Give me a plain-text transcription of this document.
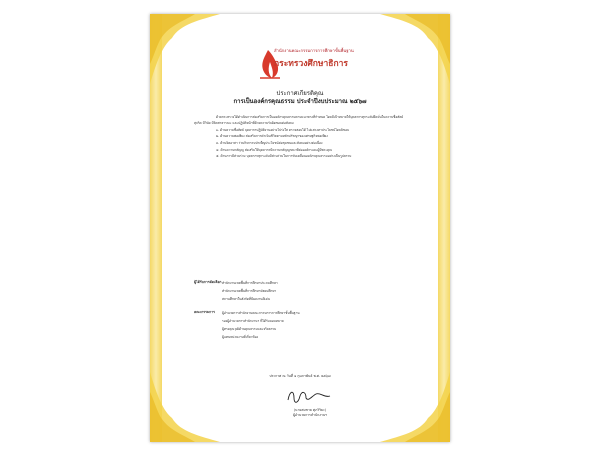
สำนักงานคณะกรรมการการศึกษาขั้นพื้นฐาน
กระทรวงศึกษาธิการ
ประกาศเกียรติคุณ
การเป็นองค์กรคุณธรรม ประจำปีงบประมาณ ๒๕๖๗

ด้วยกระทรวงได้ดำเนินการส่งเสริมการเป็นองค์กรคุณธรรมตามแนวทางที่กำหนด โดยมีเป้าหมายให้บุคลากรทุกระดับยึดมั่นในความซื่อสัตย์สุจริต มีวินัย มีจิตสาธารณะ และปฏิบัติหน้าที่ด้วยความรับผิดชอบต่อสังคม

๑. ด้านความซื่อสัตย์ บุคลากรปฏิบัติงานอย่างโปร่งใส ตรวจสอบได้ ไม่แสวงหาประโยชน์โดยมิชอบ

๒. ด้านความพอเพียง ส่งเสริมการดำเนินชีวิตตามหลักปรัชญาของเศรษฐกิจพอเพียง

๓. ด้านจิตอาสา ร่วมกิจกรรมบำเพ็ญประโยชน์ต่อชุมชนและสังคมอย่างต่อเนื่อง

๔. ด้านความกตัญญู ส่งเสริมให้บุคลากรมีความกตัญญูกตเวทีต่อองค์กรและผู้มีพระคุณ

๕. ด้านการมีส่วนร่วม บุคลากรทุกระดับมีส่วนร่วมในการขับเคลื่อนองค์กรคุณธรรมอย่างเป็นรูปธรรม

ผู้ได้รับการคัดเลือก สำนักงานเขตพื้นที่การศึกษาประถมศึกษา
สำนักงานเขตพื้นที่การศึกษามัธยมศึกษา
สถานศึกษาในสังกัดที่มีผลงานดีเด่น
คณะกรรมการ ผู้อำนวยการสำนักงานคณะกรรมการการศึกษาขั้นพื้นฐาน
รองผู้อำนวยการสำนักงานฯ ที่ได้รับมอบหมาย
ผู้ทรงคุณวุฒิด้านคุณธรรมและจริยธรรม
ผู้แทนหน่วยงานที่เกี่ยวข้อง
ประกาศ ณ วันที่ ๑ กุมภาพันธ์ พ.ศ. ๒๕๖๗
(นายสมชาย ศุภวิริยะ)
ผู้อำนวยการสำนักงานฯ
